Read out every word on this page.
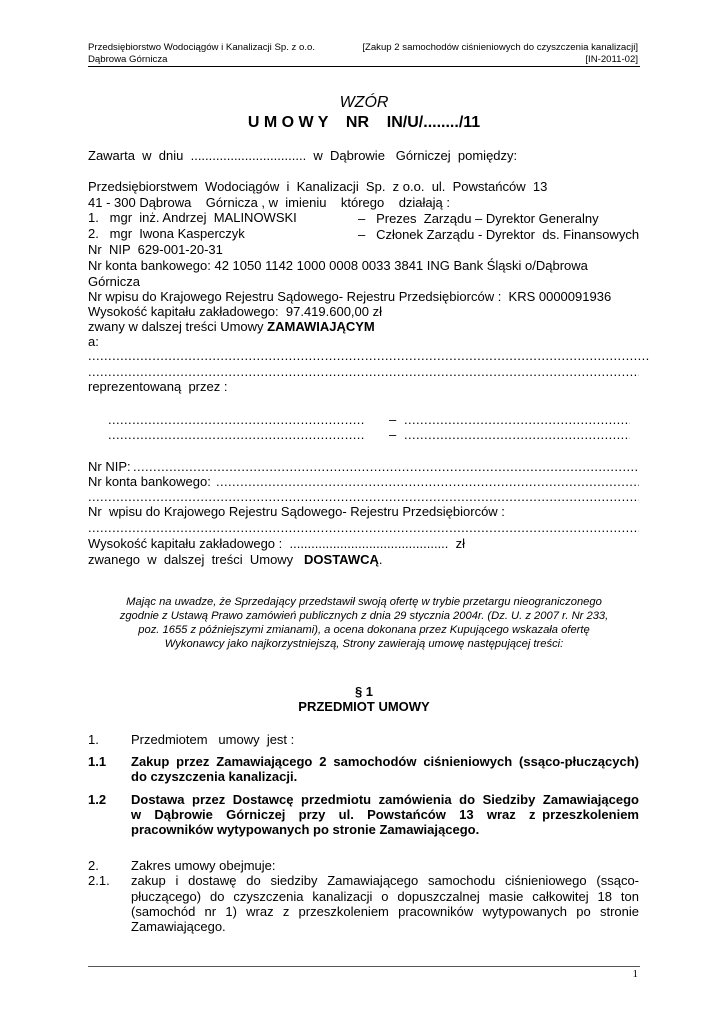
Przedsiębiorstwo Wodociągów i Kanalizacji Sp. z o.o.
Dąbrowa Górnicza
[Zakup 2 samochodów ciśnieniowych do czyszczenia kanalizacji]
[IN-2011-02]
WZÓR
U M O W Y    NR    IN/U/......../11
Zawarta  w  dniu  ................................  w  Dąbrowie   Górniczej  pomiędzy:
Przedsiębiorstwem  Wodociągów  i  Kanalizacji  Sp.  z o.o.  ul.  Powstańców  13
41 - 300 Dąbrowa    Górnicza , w  imieniu    którego    działają :
1.   mgr  inż. Andrzej  MALINOWSKI	–   Prezes  Zarządu – Dyrektor Generalny
2.   mgr  Iwona Kasperczyk	–   Członek Zarządu - Dyrektor  ds. Finansowych
Nr  NIP  629-001-20-31
Nr konta bankowego: 42 1050 1142 1000 0008 0033 3841 ING Bank Śląski o/Dąbrowa
Górnicza
Nr wpisu do Krajowego Rejestru Sądowego- Rejestru Przedsiębiorców :  KRS 0000091936
Wysokość kapitału zakładowego:  97.419.600,00 zł
zwany w dalszej treści Umowy ZAMAWIAJĄCYM
a:
.....
.....
reprezentowaną  przez :
.....
–
.....
.....
–
.....
Nr NIP:
.....
Nr konta bankowego:
.....
.....
Nr  wpisu do Krajowego Rejestru Sądowego- Rejestru Przedsiębiorców :
.....
Wysokość kapitału zakładowego :  ............................................  zł
zwanego  w  dalszej  treści  Umowy   DOSTAWCĄ.
Mając na uwadze, że Sprzedający przedstawił swoją ofertę w trybie przetargu nieograniczonego
zgodnie z Ustawą Prawo zamówień publicznych z dnia 29 stycznia 2004r. (Dz. U. z 2007 r. Nr 233,
poz. 1655 z późniejszymi zmianami), a ocena dokonana przez Kupującego wskazała ofertę
Wykonawcy jako najkorzystniejszą, Strony zawierają umowę następującej treści:
§ 1
PRZEDMIOT UMOWY
1. Przedmiotem   umowy  jest :
1.1 Zakup przez Zamawiającego 2 samochodów ciśnieniowych (ssąco-płuczących)
do czyszczenia kanalizacji.
1.2 Dostawa przez Dostawcę przedmiotu zamówienia do Siedziby Zamawiającego
w  Dąbrowie  Górniczej  przy  ul.  Powstańców  13  wraz  z przeszkoleniem
pracowników wytypowanych po stronie Zamawiającego.
2. Zakres umowy obejmuje:
2.1. zakup  i  dostawę  do  siedziby  Zamawiającego  samochodu  ciśnieniowego  (ssąco-
płuczącego)  do  czyszczenia  kanalizacji  o  dopuszczalnej  masie  całkowitej  18  ton
(samochód  nr  1)  wraz  z  przeszkoleniem  pracowników  wytypowanych  po  stronie
Zamawiającego.
1
